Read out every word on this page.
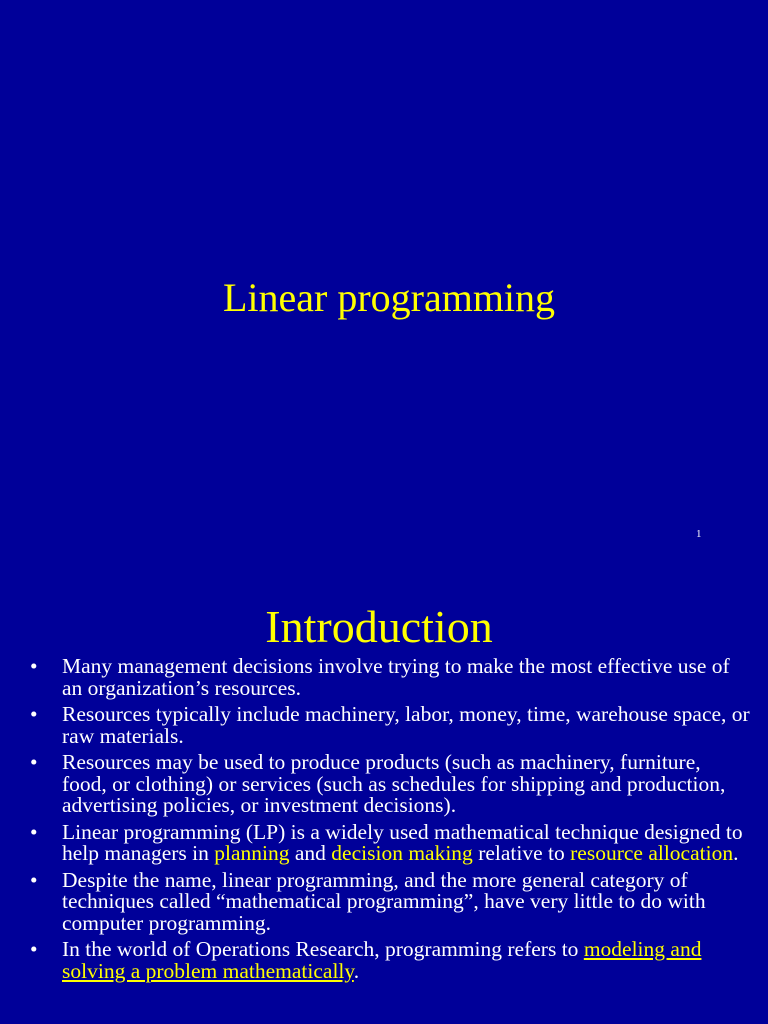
Linear programming
1
Introduction
• Many management decisions involve trying to make the most effective use of an organization’s resources.
• Resources typically include machinery, labor, money, time, warehouse space, or raw materials.
• Resources may be used to produce products (such as machinery, furniture, food, or clothing) or services (such as schedules for shipping and production, advertising policies, or investment decisions).
• Linear programming (LP) is a widely used mathematical technique designed to help managers in planning and decision making relative to resource allocation.
• Despite the name, linear programming, and the more general category of techniques called “mathematical programming”, have very little to do with computer programming.
• In the world of Operations Research, programming refers to modeling and solving a problem mathematically.
